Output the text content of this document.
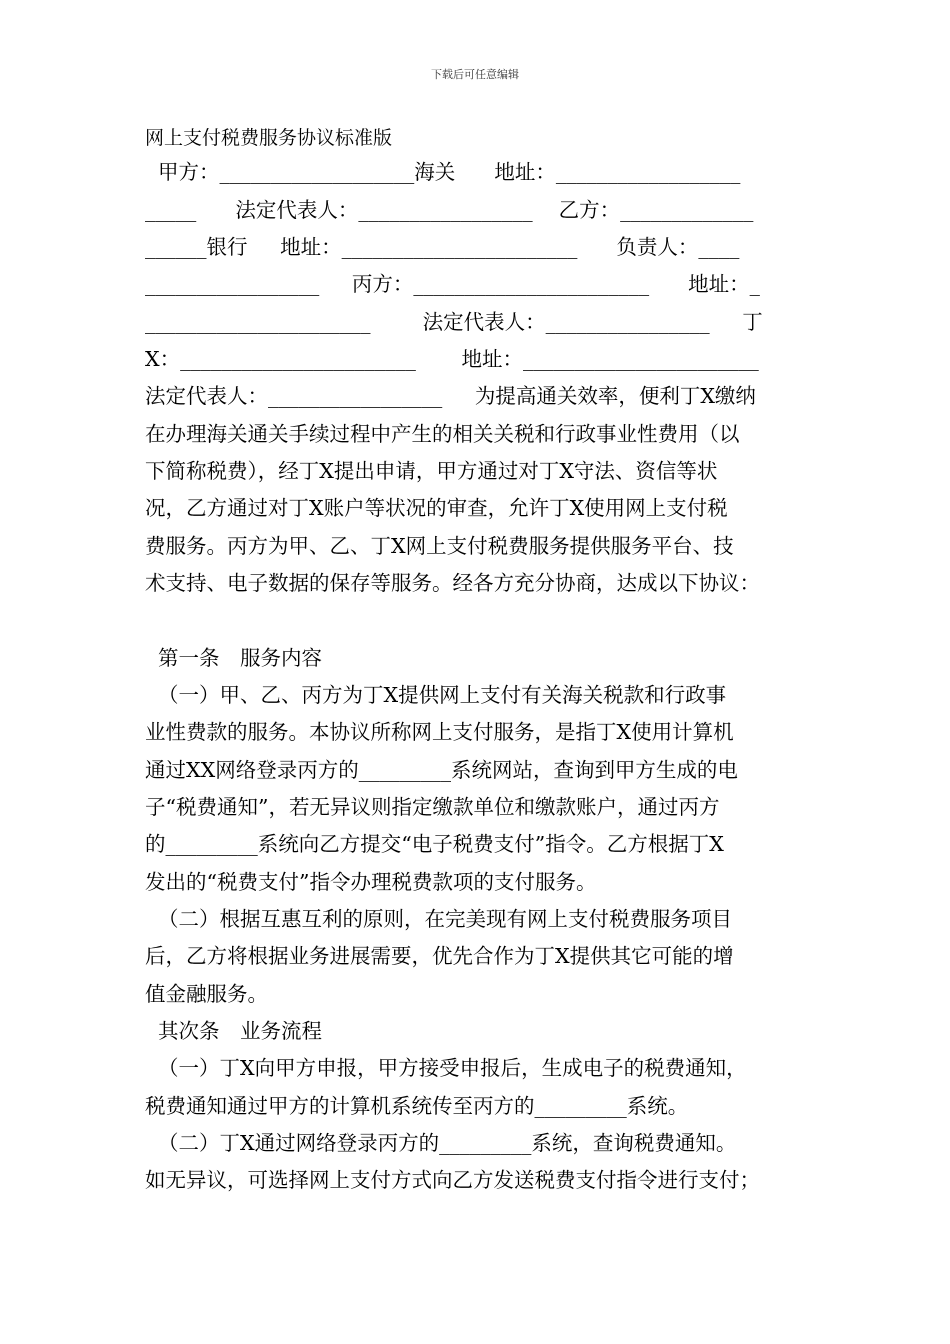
下载后可任意编辑
网上支付税费服务协议标准版
甲方：___________________海关      地址：__________________
_____      法定代表人：_________________    乙方：_____________
______银行     地址：_______________________      负责人：____
_________________     丙方：_______________________      地址：_
______________________        法定代表人：________________     丁
X：_______________________       地址：_______________________
法定代表人：_________________     为提高通关效率，便利丁X缴纳
在办理海关通关手续过程中产生的相关关税和行政事业性费用（以
下简称税费），经丁X提出申请，甲方通过对丁X守法、资信等状
况，乙方通过对丁X账户等状况的审查，允许丁X使用网上支付税
费服务。丙方为甲、乙、丁X网上支付税费服务提供服务平台、技
术支持、电子数据的保存等服务。经各方充分协商，达成以下协议：
第一条　服务内容
（一）甲、乙、丙方为丁X提供网上支付有关海关税款和行政事
业性费款的服务。本协议所称网上支付服务，是指丁X使用计算机
通过XX网络登录丙方的_________系统网站，查询到甲方生成的电
子“税费通知”，若无异议则指定缴款单位和缴款账户，通过丙方
的_________系统向乙方提交“电子税费支付”指令。乙方根据丁X
发出的“税费支付”指令办理税费款项的支付服务。
（二）根据互惠互利的原则，在完美现有网上支付税费服务项目
后，乙方将根据业务进展需要，优先合作为丁X提供其它可能的增
值金融服务。
其次条　业务流程
（一）丁X向甲方申报，甲方接受申报后，生成电子的税费通知，
税费通知通过甲方的计算机系统传至丙方的_________系统。
（二）丁X通过网络登录丙方的_________系统，查询税费通知。
如无异议，可选择网上支付方式向乙方发送税费支付指令进行支付；
